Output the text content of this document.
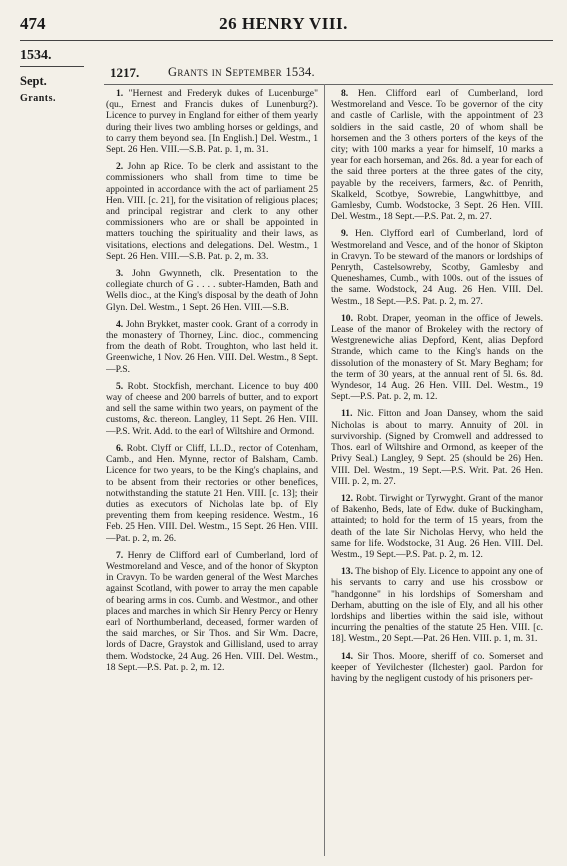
474	26 HENRY VIII.
1534.
Sept.
Grants.
1217. Grants in September 1534.

1. "Hernest and Frederyk dukes of Lucenburge" (qu., Ernest and Francis dukes of Lunenburg?). Licence to purvey in England for either of them yearly during their lives two ambling horses or geldings, and to carry them beyond sea. [In English.] Del. Westm., 1 Sept. 26 Hen. VIII.—S.B. Pat. p. 1, m. 31.

2. John ap Rice. To be clerk and assistant to the commissioners who shall from time to time be appointed in accordance with the act of parliament 25 Hen. VIII. [c. 21], for the visitation of religious places; and principal registrar and clerk to any other commissioners who are or shall be appointed in matters touching the spirituality and their laws, as visitations, elections and delegations. Del. Westm., 1 Sept. 26 Hen. VIII.—S.B. Pat. p. 2, m. 33.

3. John Gwynneth, clk. Presentation to the collegiate church of G . . . . subter-Hamden, Bath and Wells dioc., at the King's disposal by the death of John Glyn. Del. Westm., 1 Sept. 26 Hen. VIII.—S.B.

4. John Brykket, master cook. Grant of a corrody in the monastery of Thorney, Linc. dioc., commencing from the death of Robt. Troughton, who last held it. Greenwiche, 1 Nov. 26 Hen. VIII. Del. Westm., 8 Sept. —P.S.

5. Robt. Stockfish, merchant. Licence to buy 400 way of cheese and 200 barrels of butter, and to export and sell the same within two years, on payment of the customs, &c. thereon. Langley, 11 Sept. 26 Hen. VIII. —P.S. Writ. Add. to the earl of Wiltshire and Ormond.

6. Robt. Clyff or Cliff, LL.D., rector of Cotenham, Camb., and Hen. Mynne, rector of Balsham, Camb. Licence for two years, to be the King's chaplains, and to be absent from their rectories or other benefices, notwithstanding the statute 21 Hen. VIII. [c. 13]; their duties as executors of Nicholas late bp. of Ely preventing them from keeping residence. Westm., 16 Feb. 25 Hen. VIII. Del. Westm., 15 Sept. 26 Hen. VIII.—Pat. p. 2, m. 26.

7. Henry de Clifford earl of Cumberland, lord of Westmoreland and Vesce, and of the honor of Skypton in Cravyn. To be warden general of the West Marches against Scotland, with power to array the men capable of bearing arms in cos. Cumb. and Westmor., and other places and marches in which Sir Henry Percy or Henry earl of Northumberland, deceased, former warden of the said marches, or Sir Thos. and Sir Wm. Dacre, lords of Dacre, Graystok and Gillisland, used to array them. Wodstocke, 24 Aug. 26 Hen. VIII. Del. Westm., 18 Sept.—P.S. Pat. p. 2, m. 12.

8. Hen. Clifford earl of Cumberland, lord Westmoreland and Vesce. To be governor of the city and castle of Carlisle, with the appointment of 23 soldiers in the said castle, 20 of whom shall be horsemen and the 3 others porters of the keys of the city; with 100 marks a year for himself, 10 marks a year for each horseman, and 26s. 8d. a year for each of the said three porters at the three gates of the city, payable by the receivers, farmers, &c. of Penrith, Skalkeld, Scotbye, Sowrebie, Langwhittbye, and Gamlesby, Cumb. Wodstocke, 3 Sept. 26 Hen. VIII. Del. Westm., 18 Sept.—P.S. Pat. 2, m. 27.

9. Hen. Clyfford earl of Cumberland, lord of Westmoreland and Vesce, and of the honor of Skipton in Cravyn. To be steward of the manors or lordships of Penryth, Castelsowreby, Scotby, Gamlesby and Queneshames, Cumb., with 100s. out of the issues of the same. Wodstock, 24 Aug. 26 Hen. VIII. Del. Westm., 18 Sept.—P.S. Pat. p. 2, m. 27.

10. Robt. Draper, yeoman in the office of Jewels. Lease of the manor of Brokeley with the rectory of Westgrenewiche alias Depford, Kent, alias Depford Strande, which came to the King's hands on the dissolution of the monastery of St. Mary Begham; for the term of 30 years, at the annual rent of 5l. 6s. 8d. Wyndesor, 14 Aug. 26 Hen. VIII. Del. Westm., 19 Sept.—P.S. Pat. p. 2, m. 12.

11. Nic. Fitton and Joan Dansey, whom the said Nicholas is about to marry. Annuity of 20l. in survivorship. (Signed by Cromwell and addressed to Thos. earl of Wiltshire and Ormond, as keeper of the Privy Seal.) Langley, 9 Sept. 25 (should be 26) Hen. VIII. Del. Westm., 19 Sept.—P.S. Writ. Pat. 26 Hen. VIII. p. 2, m. 27.

12. Robt. Tirwight or Tyrwyght. Grant of the manor of Bakenho, Beds, late of Edw. duke of Buckingham, attainted; to hold for the term of 15 years, from the death of the late Sir Nicholas Hervy, who held the same for life. Wodstocke, 31 Aug. 26 Hen. VIII. Del. Westm., 19 Sept.—P.S. Pat. p. 2, m. 12.

13. The bishop of Ely. Licence to appoint any one of his servants to carry and use his crossbow or "handgonne" in his lordships of Somersham and Derham, abutting on the isle of Ely, and all his other lordships and liberties within the said isle, without incurring the penalties of the statute 25 Hen. VIII. [c. 18]. Westm., 20 Sept.—Pat. 26 Hen. VIII. p. 1, m. 31.

14. Sir Thos. Moore, sheriff of co. Somerset and keeper of Yevilchester (Ilchester) gaol. Pardon for having by the negligent custody of his prisoners per-
